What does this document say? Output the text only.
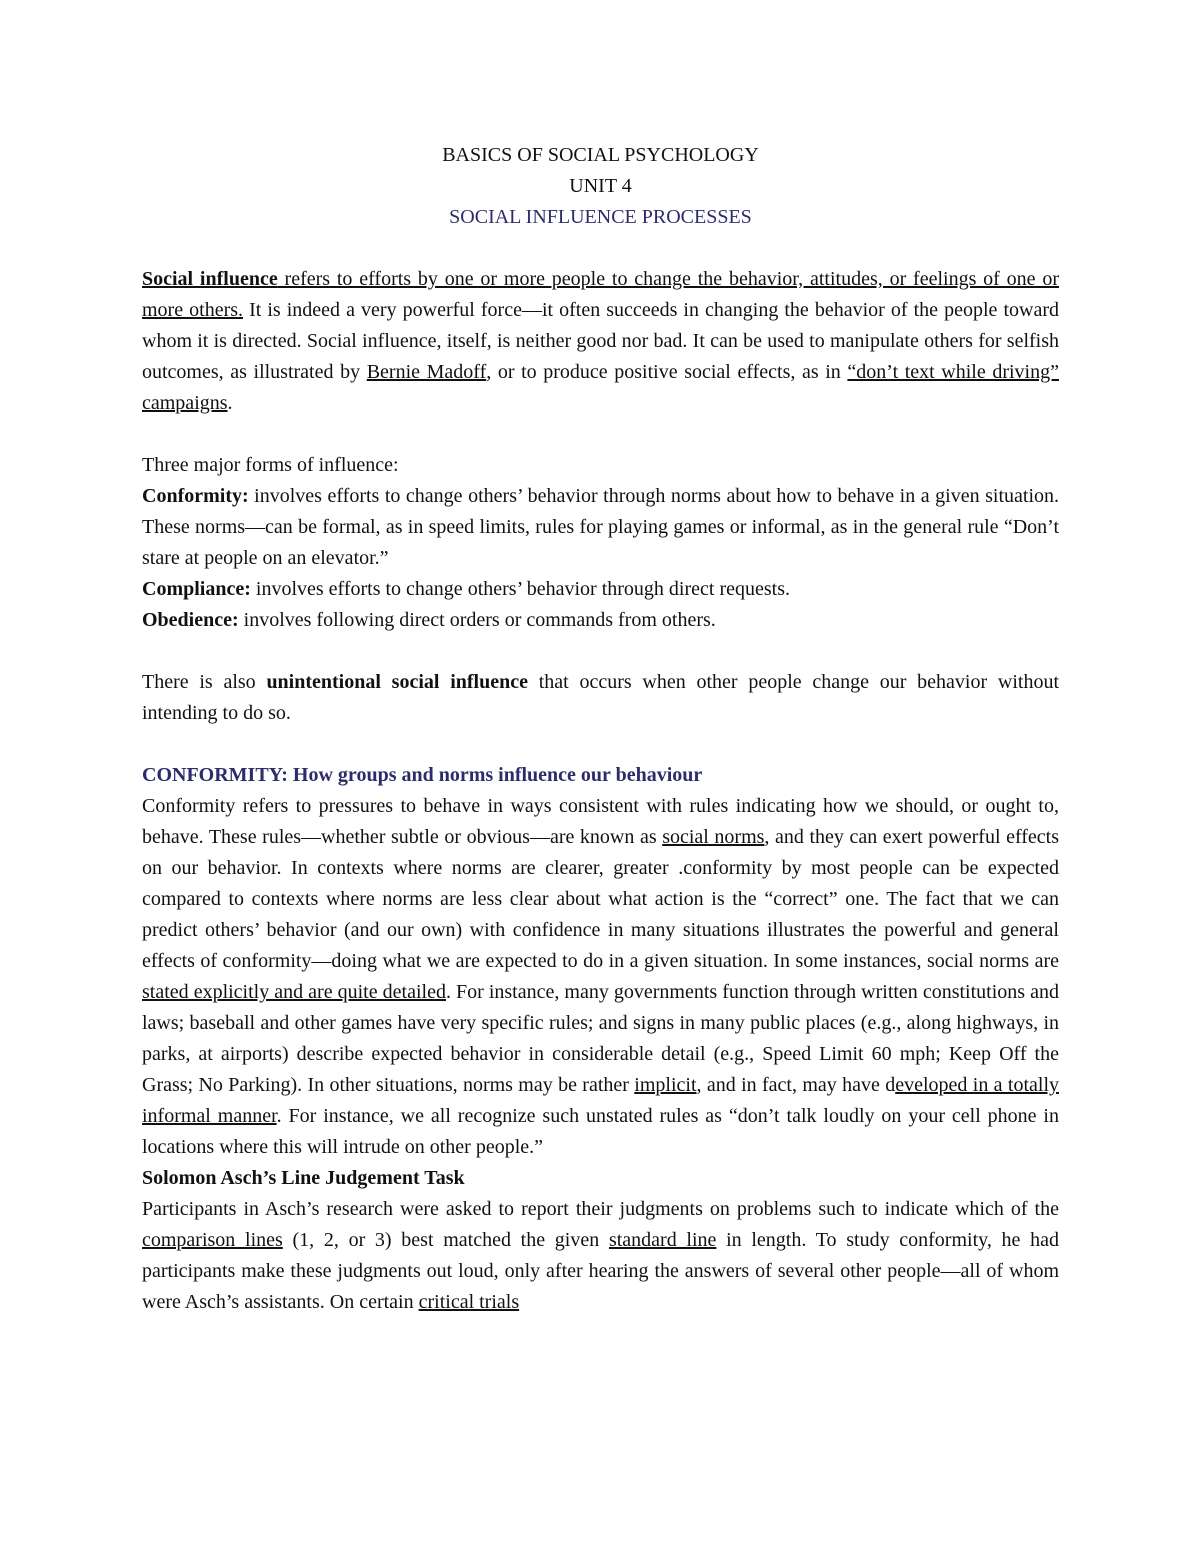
BASICS OF SOCIAL PSYCHOLOGY
UNIT 4
SOCIAL INFLUENCE PROCESSES

Social influence refers to efforts by one or more people to change the behavior, attitudes, or feelings of one or more others. It is indeed a very powerful force—it often succeeds in changing the behavior of the people toward whom it is directed. Social influence, itself, is neither good nor bad. It can be used to manipulate others for selfish outcomes, as illustrated by Bernie Madoff, or to produce positive social effects, as in “don’t text while driving” campaigns.

Three major forms of influence:

Conformity: involves efforts to change others’ behavior through norms about how to behave in a given situation. These norms—can be formal, as in speed limits, rules for playing games or informal, as in the general rule “Don’t stare at people on an elevator.”

Compliance: involves efforts to change others’ behavior through direct requests.

Obedience: involves following direct orders or commands from others.

There is also unintentional social influence that occurs when other people change our behavior without intending to do so.

CONFORMITY: How groups and norms influence our behaviour

Conformity refers to pressures to behave in ways consistent with rules indicating how we should, or ought to, behave. These rules—whether subtle or obvious—are known as social norms, and they can exert powerful effects on our behavior. In contexts where norms are clearer, greater .conformity by most people can be expected compared to contexts where norms are less clear about what action is the “correct” one. The fact that we can predict others’ behavior (and our own) with confidence in many situations illustrates the powerful and general effects of conformity—doing what we are expected to do in a given situation. In some instances, social norms are stated explicitly and are quite detailed. For instance, many governments function through written constitutions and laws; baseball and other games have very specific rules; and signs in many public places (e.g., along highways, in parks, at airports) describe expected behavior in considerable detail (e.g., Speed Limit 60 mph; Keep Off the Grass; No Parking). In other situations, norms may be rather implicit, and in fact, may have developed in a totally informal manner. For instance, we all recognize such unstated rules as “don’t talk loudly on your cell phone in locations where this will intrude on other people.”

Solomon Asch’s Line Judgement Task

Participants in Asch’s research were asked to report their judgments on problems such to indicate which of the comparison lines (1, 2, or 3) best matched the given standard line in length. To study conformity, he had participants make these judgments out loud, only after hearing the answers of several other people—all of whom were Asch’s assistants. On certain critical trials
